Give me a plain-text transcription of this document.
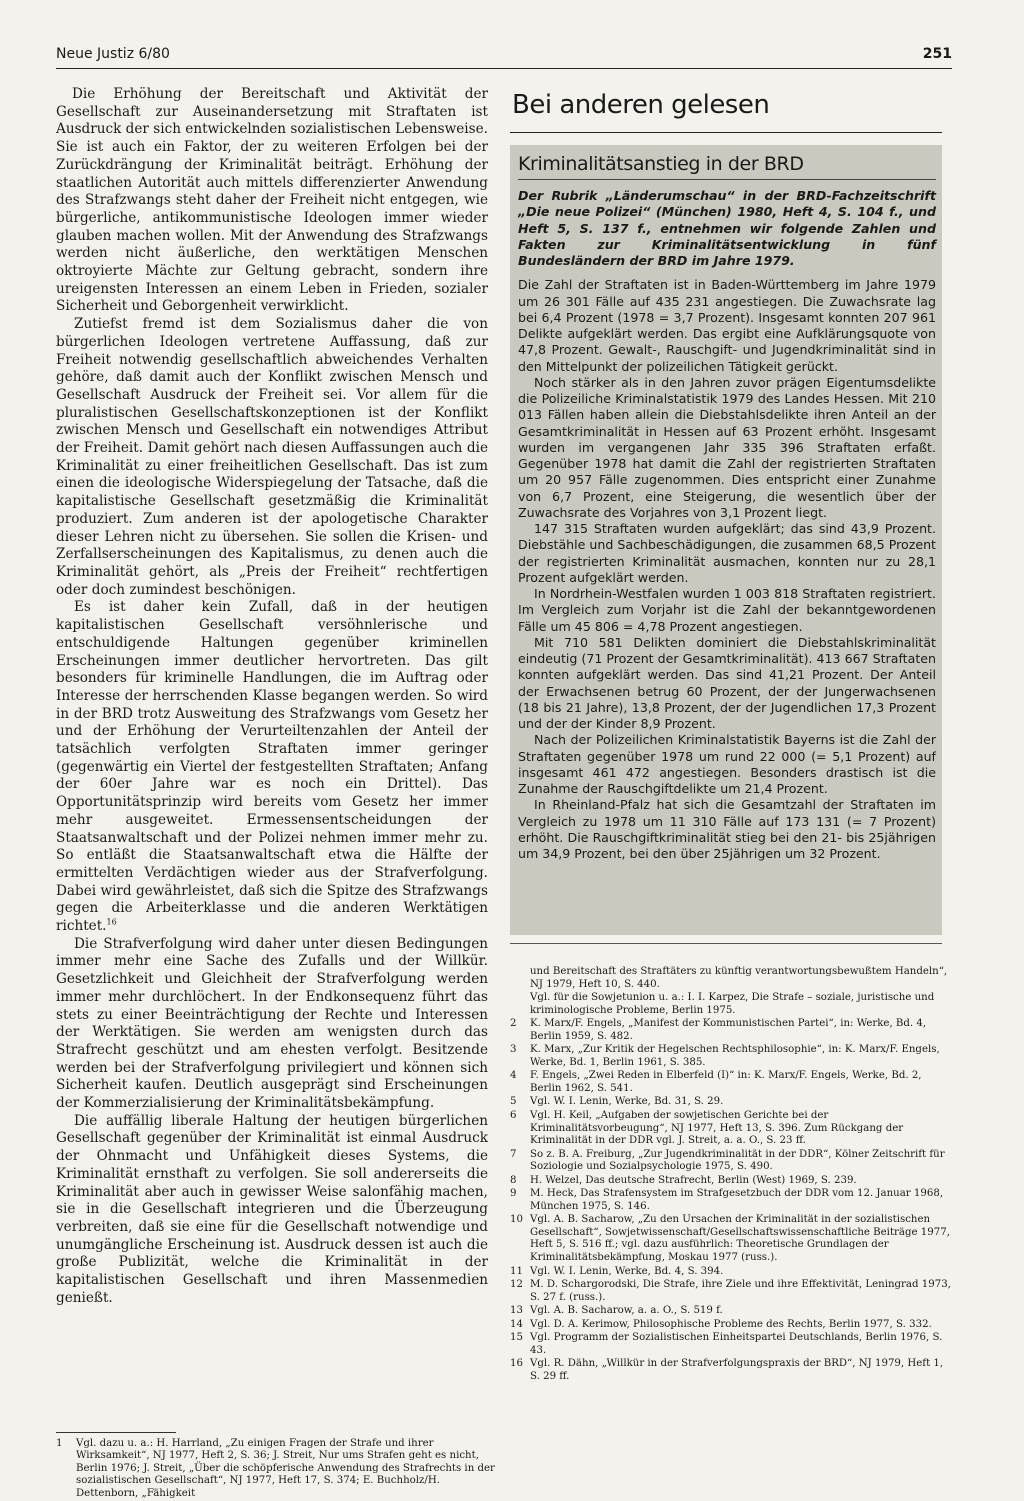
Neue Justiz 6/80	251

Die Erhöhung der Bereitschaft und Aktivität der Gesellschaft zur Auseinandersetzung mit Straftaten ist Ausdruck der sich entwickelnden sozialistischen Lebensweise. Sie ist auch ein Faktor, der zu weiteren Erfolgen bei der Zurückdrängung der Kriminalität beiträgt. Erhöhung der staatlichen Autorität auch mittels differenzierter Anwendung des Strafzwangs steht daher der Freiheit nicht entgegen, wie bürgerliche, antikommunistische Ideologen immer wieder glauben machen wollen. Mit der Anwendung des Strafzwangs werden nicht äußerliche, den werktätigen Menschen oktroyierte Mächte zur Geltung gebracht, sondern ihre ureigensten Interessen an einem Leben in Frieden, sozialer Sicherheit und Geborgenheit verwirklicht.

Zutiefst fremd ist dem Sozialismus daher die von bürgerlichen Ideologen vertretene Auffassung, daß zur Freiheit notwendig gesellschaftlich abweichendes Verhalten gehöre, daß damit auch der Konflikt zwischen Mensch und Gesellschaft Ausdruck der Freiheit sei. Vor allem für die pluralistischen Gesellschaftskonzeptionen ist der Konflikt zwischen Mensch und Gesellschaft ein notwendiges Attribut der Freiheit. Damit gehört nach diesen Auffassungen auch die Kriminalität zu einer freiheitlichen Gesellschaft. Das ist zum einen die ideologische Widerspiegelung der Tatsache, daß die kapitalistische Gesellschaft gesetzmäßig die Kriminalität produziert. Zum anderen ist der apologetische Charakter dieser Lehren nicht zu übersehen. Sie sollen die Krisen- und Zerfallserscheinungen des Kapitalismus, zu denen auch die Kriminalität gehört, als „Preis der Freiheit“ rechtfertigen oder doch zumindest beschönigen.

Es ist daher kein Zufall, daß in der heutigen kapitalistischen Gesellschaft versöhnlerische und entschuldigende Haltungen gegenüber kriminellen Erscheinungen immer deutlicher hervortreten. Das gilt besonders für kriminelle Handlungen, die im Auftrag oder Interesse der herrschenden Klasse begangen werden. So wird in der BRD trotz Ausweitung des Strafzwangs vom Gesetz her und der Erhöhung der Verurteiltenzahlen der Anteil der tatsächlich verfolgten Straftaten immer geringer (gegenwärtig ein Viertel der festgestellten Straftaten; Anfang der 60er Jahre war es noch ein Drittel). Das Opportunitätsprinzip wird bereits vom Gesetz her immer mehr ausgeweitet. Ermessensentscheidungen der Staatsanwaltschaft und der Polizei nehmen immer mehr zu. So entläßt die Staatsanwaltschaft etwa die Hälfte der ermittelten Verdächtigen wieder aus der Strafverfolgung. Dabei wird gewährleistet, daß sich die Spitze des Strafzwangs gegen die Arbeiterklasse und die anderen Werktätigen richtet.$^{16}$

Die Strafverfolgung wird daher unter diesen Bedingungen immer mehr eine Sache des Zufalls und der Willkür. Gesetzlichkeit und Gleichheit der Strafverfolgung werden immer mehr durchlöchert. In der Endkonsequenz führt das stets zu einer Beeinträchtigung der Rechte und Interessen der Werktätigen. Sie werden am wenigsten durch das Strafrecht geschützt und am ehesten verfolgt. Besitzende werden bei der Strafverfolgung privilegiert und können sich Sicherheit kaufen. Deutlich ausgeprägt sind Erscheinungen der Kommerzialisierung der Kriminalitätsbekämpfung.

Die auffällig liberale Haltung der heutigen bürgerlichen Gesellschaft gegenüber der Kriminalität ist einmal Ausdruck der Ohnmacht und Unfähigkeit dieses Systems, die Kriminalität ernsthaft zu verfolgen. Sie soll andererseits die Kriminalität aber auch in gewisser Weise salonfähig machen, sie in die Gesellschaft integrieren und die Überzeugung verbreiten, daß sie eine für die Gesellschaft notwendige und unumgängliche Erscheinung ist. Ausdruck dessen ist auch die große Publizität, welche die Kriminalität in der kapitalistischen Gesellschaft und ihren Massenmedien genießt.

1	Vgl. dazu u. a.: H. Harrland, „Zu einigen Fragen der Strafe und ihrer Wirksamkeit“, NJ 1977, Heft 2, S. 36; J. Streit, Nur ums Strafen geht es nicht, Berlin 1976; J. Streit, „Über die schöpferische Anwendung des Strafrechts in der sozialistischen Gesellschaft“, NJ 1977, Heft 17, S. 374; E. Buchholz/H. Dettenborn, „Fähigkeit
Bei anderen gelesen
Kriminalitätsanstieg in der BRD

Der Rubrik „Länderumschau“ in der BRD-Fachzeitschrift „Die neue Polizei“ (München) 1980, Heft 4, S. 104 f., und Heft 5, S. 137 f., entnehmen wir folgende Zahlen und Fakten zur Kriminalitätsentwicklung in fünf Bundesländern der BRD im Jahre 1979.

Die Zahl der Straftaten ist in Baden-Württemberg im Jahre 1979 um 26 301 Fälle auf 435 231 angestiegen. Die Zuwachsrate lag bei 6,4 Prozent (1978 = 3,7 Prozent). Insgesamt konnten 207 961 Delikte aufgeklärt werden. Das ergibt eine Aufklärungsquote von 47,8 Prozent. Gewalt-, Rauschgift- und Jugendkriminalität sind in den Mittelpunkt der polizeilichen Tätigkeit gerückt.

Noch stärker als in den Jahren zuvor prägen Eigentumsdelikte die Polizeiliche Kriminalstatistik 1979 des Landes Hessen. Mit 210 013 Fällen haben allein die Diebstahlsdelikte ihren Anteil an der Gesamtkriminalität in Hessen auf 63 Prozent erhöht. Insgesamt wurden im vergangenen Jahr 335 396 Straftaten erfaßt. Gegenüber 1978 hat damit die Zahl der registrierten Straftaten um 20 957 Fälle zugenommen. Dies entspricht einer Zunahme von 6,7 Prozent, eine Steigerung, die wesentlich über der Zuwachsrate des Vorjahres von 3,1 Prozent liegt.

147 315 Straftaten wurden aufgeklärt; das sind 43,9 Prozent. Diebstähle und Sachbeschädigungen, die zusammen 68,5 Prozent der registrierten Kriminalität ausmachen, konnten nur zu 28,1 Prozent aufgeklärt werden.

In Nordrhein-Westfalen wurden 1 003 818 Straftaten registriert. Im Vergleich zum Vorjahr ist die Zahl der bekanntgewordenen Fälle um 45 806 = 4,78 Prozent angestiegen.

Mit 710 581 Delikten dominiert die Diebstahlskriminalität eindeutig (71 Prozent der Gesamtkriminalität). 413 667 Straftaten konnten aufgeklärt werden. Das sind 41,21 Prozent. Der Anteil der Erwachsenen betrug 60 Prozent, der der Jungerwachsenen (18 bis 21 Jahre), 13,8 Prozent, der der Jugendlichen 17,3 Prozent und der der Kinder 8,9 Prozent.

Nach der Polizeilichen Kriminalstatistik Bayerns ist die Zahl der Straftaten gegenüber 1978 um rund 22 000 (= 5,1 Prozent) auf insgesamt 461 472 angestiegen. Besonders drastisch ist die Zunahme der Rauschgiftdelikte um 21,4 Prozent.

In Rheinland-Pfalz hat sich die Gesamtzahl der Straftaten im Vergleich zu 1978 um 11 310 Fälle auf 173 131 (= 7 Prozent) erhöht. Die Rauschgiftkriminalität stieg bei den 21- bis 25jährigen um 34,9 Prozent, bei den über 25jährigen um 32 Prozent.

und Bereitschaft des Straftäters zu künftig verantwortungsbewußtem Handeln“, NJ 1979, Heft 10, S. 440.
Vgl. für die Sowjetunion u. a.: I. I. Karpez, Die Strafe – soziale, juristische und kriminologische Probleme, Berlin 1975.
2	K. Marx/F. Engels, „Manifest der Kommunistischen Partei“, in: Werke, Bd. 4, Berlin 1959, S. 482.
3	K. Marx, „Zur Kritik der Hegelschen Rechtsphilosophie“, in: K. Marx/F. Engels, Werke, Bd. 1, Berlin 1961, S. 385.
4	F. Engels, „Zwei Reden in Elberfeld (I)“ in: K. Marx/F. Engels, Werke, Bd. 2, Berlin 1962, S. 541.
5	Vgl. W. I. Lenin, Werke, Bd. 31, S. 29.
6	Vgl. H. Keil, „Aufgaben der sowjetischen Gerichte bei der Kriminalitätsvorbeugung“, NJ 1977, Heft 13, S. 396. Zum Rückgang der Kriminalität in der DDR vgl. J. Streit, a. a. O., S. 23 ff.
7	So z. B. A. Freiburg, „Zur Jugendkriminalität in der DDR“, Kölner Zeitschrift für Soziologie und Sozialpsychologie 1975, S. 490.
8	H. Welzel, Das deutsche Strafrecht, Berlin (West) 1969, S. 239.
9	M. Heck, Das Strafensystem im Strafgesetzbuch der DDR vom 12. Januar 1968, München 1975, S. 146.
10 Vgl. A. B. Sacharow, „Zu den Ursachen der Kriminalität in der sozialistischen Gesellschaft“, Sowjetwissenschaft/Gesellschaftswissenschaftliche Beiträge 1977, Heft 5, S. 516 ff.; vgl. dazu ausführlich: Theoretische Grundlagen der Kriminalitätsbekämpfung, Moskau 1977 (russ.).
11 Vgl. W. I. Lenin, Werke, Bd. 4, S. 394.
12 M. D. Schargorodski, Die Strafe, ihre Ziele und ihre Effektivität, Leningrad 1973, S. 27 f. (russ.).
13 Vgl. A. B. Sacharow, a. a. O., S. 519 f.
14 Vgl. D. A. Kerimow, Philosophische Probleme des Rechts, Berlin 1977, S. 332.
15 Vgl. Programm der Sozialistischen Einheitspartei Deutschlands, Berlin 1976, S. 43.
16 Vgl. R. Dähn, „Willkür in der Strafverfolgungspraxis der BRD“, NJ 1979, Heft 1, S. 29 ff.
